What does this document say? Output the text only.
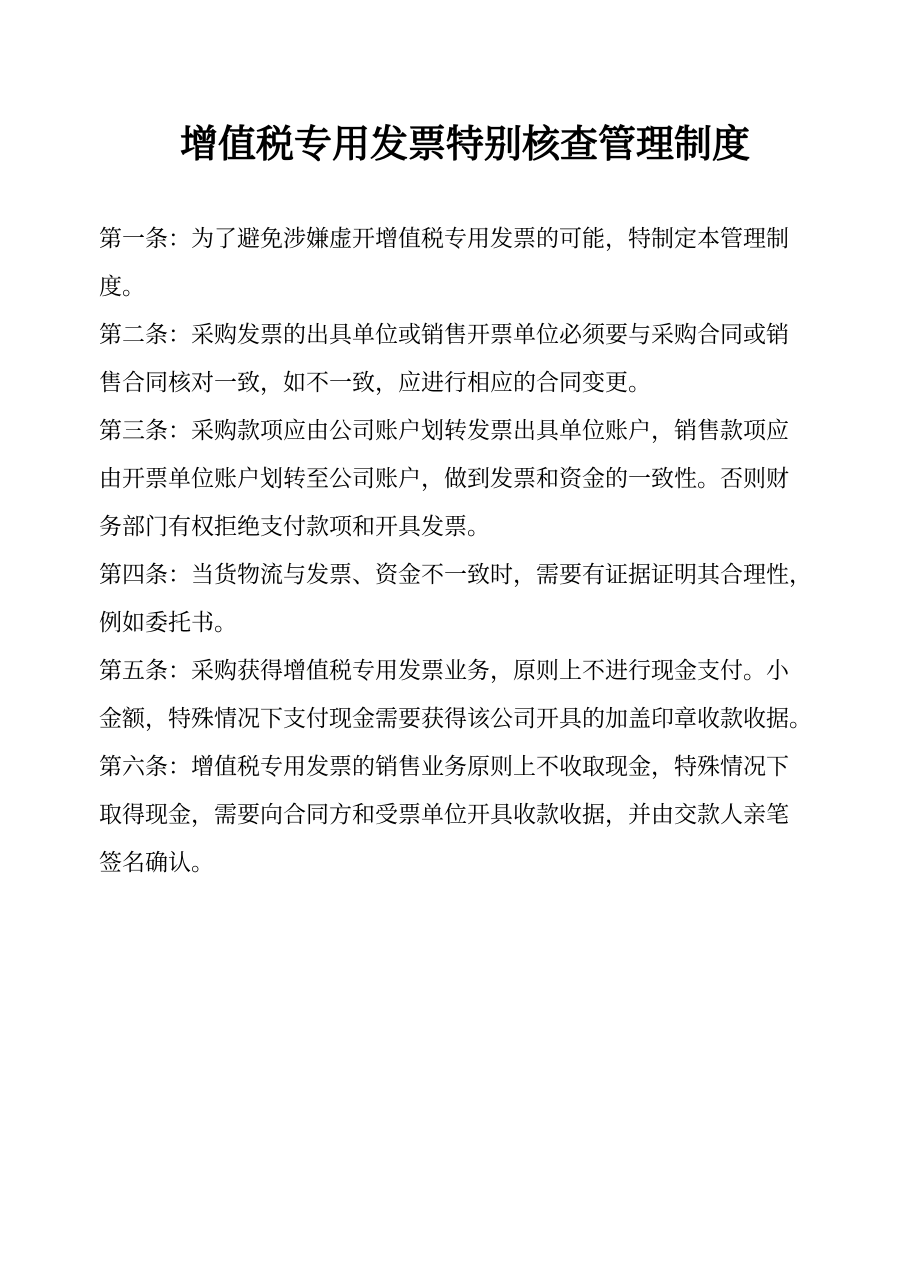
增值税专用发票特别核查管理制度
第一条：为了避免涉嫌虚开增值税专用发票的可能，特制定本管理制
度。
第二条：采购发票的出具单位或销售开票单位必须要与采购合同或销
售合同核对一致，如不一致，应进行相应的合同变更。
第三条：采购款项应由公司账户划转发票出具单位账户，销售款项应
由开票单位账户划转至公司账户，做到发票和资金的一致性。否则财
务部门有权拒绝支付款项和开具发票。
第四条：当货物流与发票、资金不一致时，需要有证据证明其合理性，
例如委托书。
第五条：采购获得增值税专用发票业务，原则上不进行现金支付。小
金额，特殊情况下支付现金需要获得该公司开具的加盖印章收款收据。
第六条：增值税专用发票的销售业务原则上不收取现金，特殊情况下
取得现金，需要向合同方和受票单位开具收款收据，并由交款人亲笔
签名确认。
